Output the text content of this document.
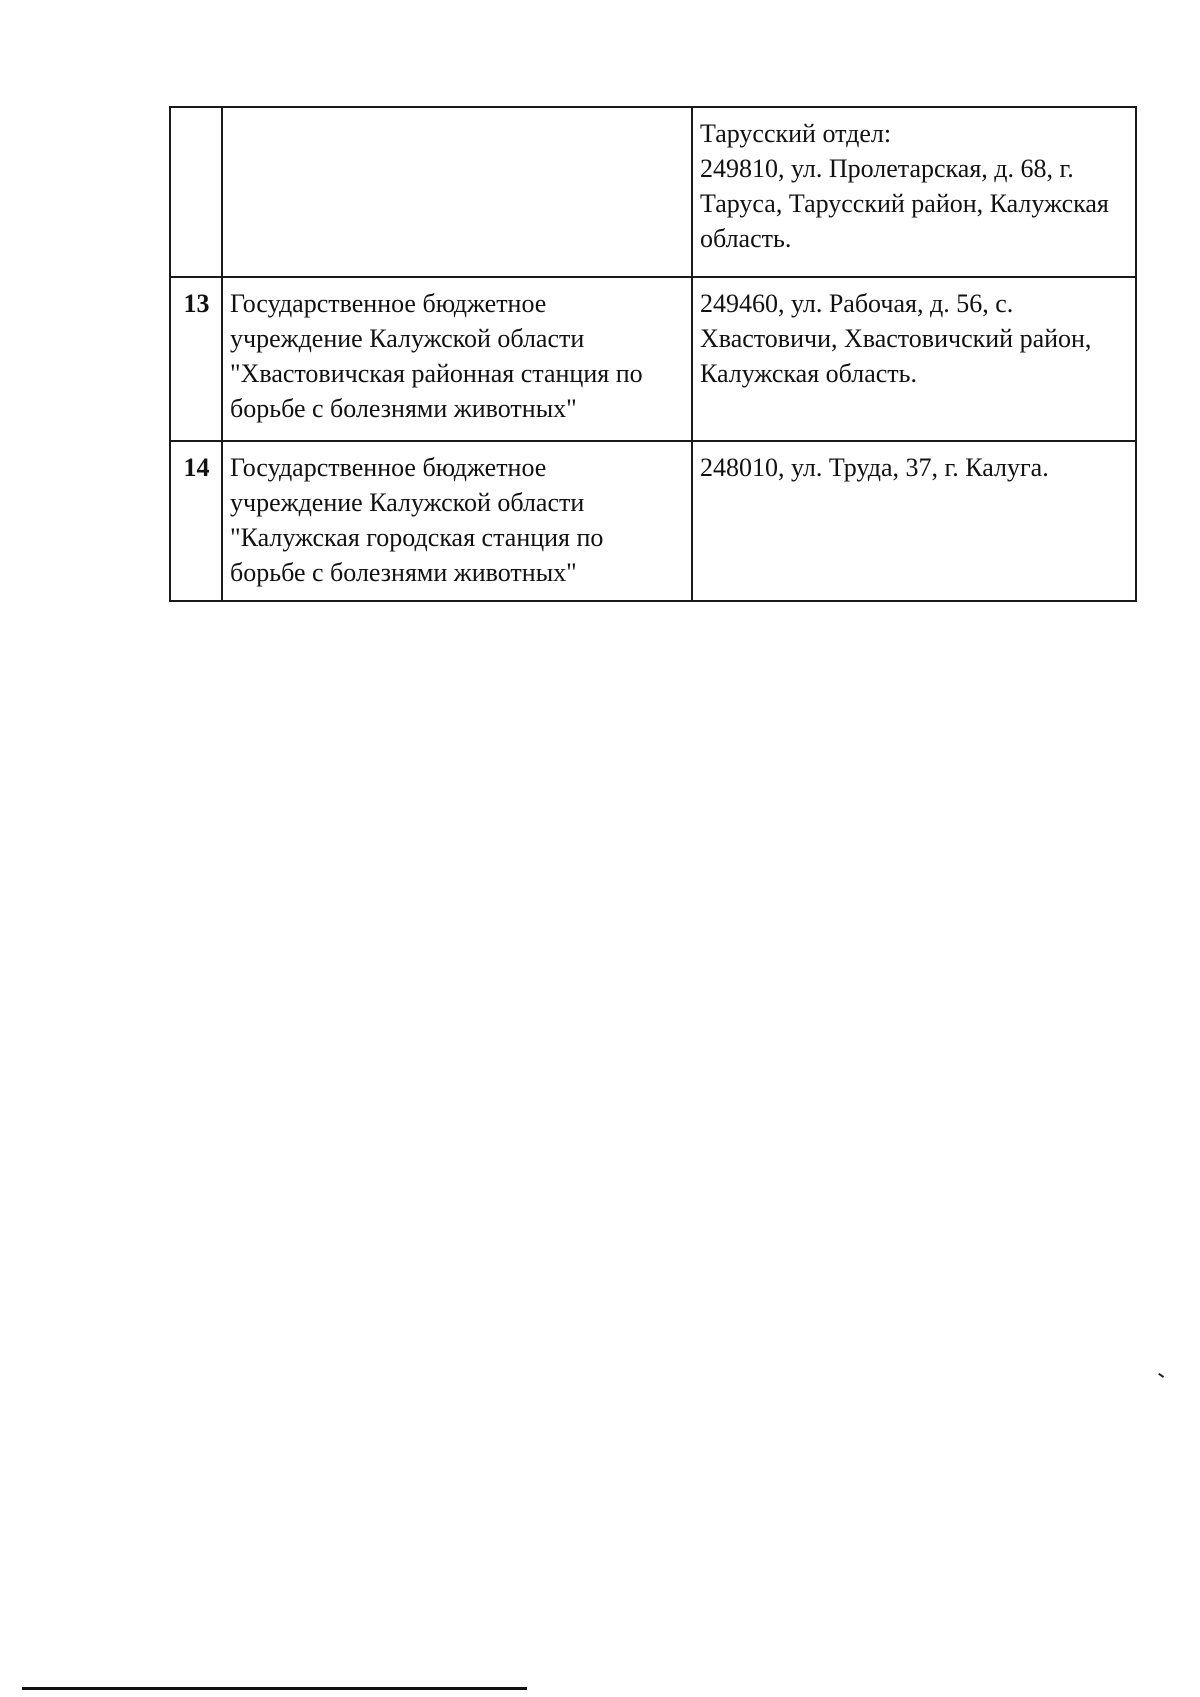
		Тарусский отдел:
249810, ул. Пролетарская, д. 68, г.
Таруса, Тарусский район, Калужская
область.

13	Государственное бюджетное
учреждение Калужской области
"Хвастовичская районная станция по
борьбе с болезнями животных"	249460, ул. Рабочая, д. 56, с.
Хвастовичи, Хвастовичский район,
Калужская область.

14	Государственное бюджетное
учреждение Калужской области
"Калужская городская станция по
борьбе с болезнями животных"	248010, ул. Труда, 37, г. Калуга.
